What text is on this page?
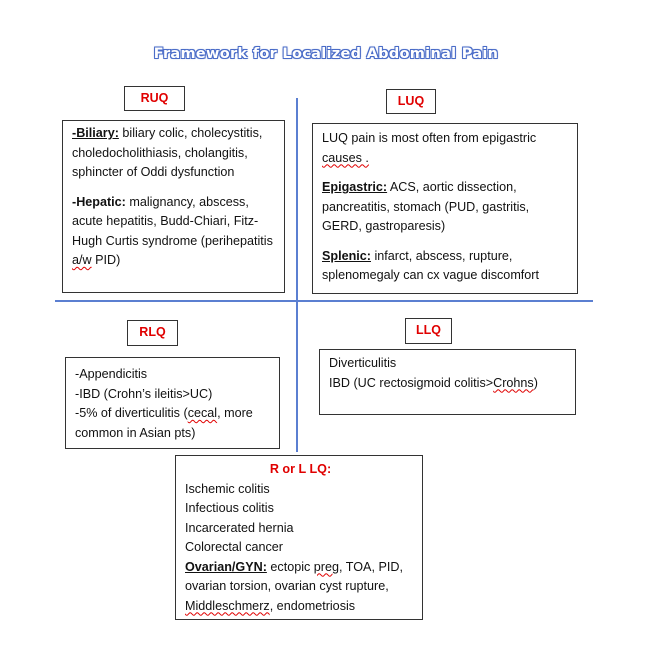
Framework for Localized Abdominal Pain
RUQ

-Biliary: biliary colic, cholecystitis, choledocholithiasis, cholangitis, sphincter of Oddi dysfunction

-Hepatic: malignancy, abscess, acute hepatitis, Budd-Chiari, Fitz-Hugh Curtis syndrome (perihepatitis a/w PID)

LUQ

LUQ pain is most often from epigastric causes .

Epigastric: ACS, aortic dissection, pancreatitis, stomach (PUD, gastritis, GERD, gastroparesis)

Splenic: infarct, abscess, rupture, splenomegaly can cx vague discomfort

RLQ

-Appendicitis

-IBD (Crohn’s ileitis>UC)

-5% of diverticulitis (cecal, more common in Asian pts)

LLQ

Diverticulitis

IBD (UC rectosigmoid colitis>Crohns)

R or L LQ:

Ischemic colitis

Infectious colitis

Incarcerated hernia

Colorectal cancer

Ovarian/GYN: ectopic preg, TOA, PID, ovarian torsion, ovarian cyst rupture, Middleschmerz, endometriosis
